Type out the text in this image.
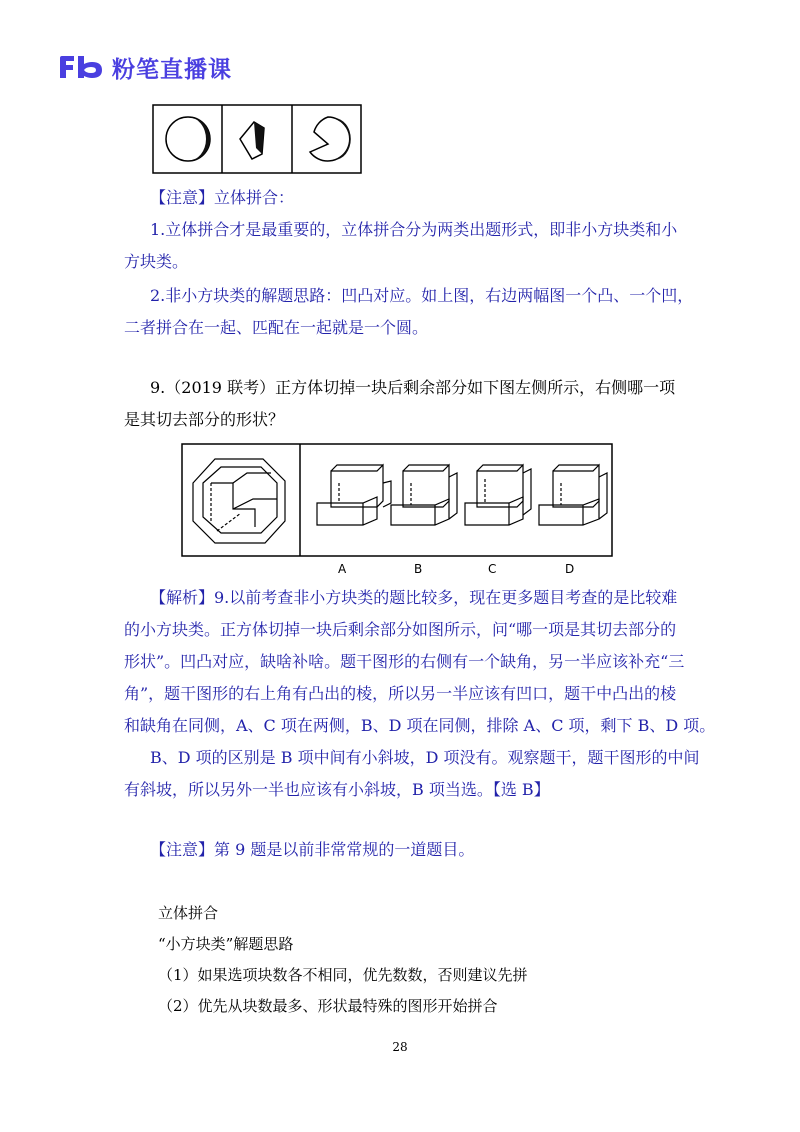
粉笔直播课
【注意】立体拼合：
1.立体拼合才是最重要的，立体拼合分为两类出题形式，即非小方块类和小
方块类。
2.非小方块类的解题思路：凹凸对应。如上图，右边两幅图一个凸、一个凹，
二者拼合在一起、匹配在一起就是一个圆。
9.（2019 联考）正方体切掉一块后剩余部分如下图左侧所示，右侧哪一项
是其切去部分的形状？
A	B	C	D
【解析】9.以前考查非小方块类的题比较多，现在更多题目考查的是比较难
的小方块类。正方体切掉一块后剩余部分如图所示，问“哪一项是其切去部分的
形状”。凹凸对应，缺啥补啥。题干图形的右侧有一个缺角，另一半应该补充“三
角”，题干图形的右上角有凸出的棱，所以另一半应该有凹口，题干中凸出的棱
和缺角在同侧，A、C 项在两侧，B、D 项在同侧，排除 A、C 项，剩下 B、D 项。
B、D 项的区别是 B 项中间有小斜坡，D 项没有。观察题干，题干图形的中间
有斜坡，所以另外一半也应该有小斜坡，B 项当选。【选 B】
【注意】第 9 题是以前非常常规的一道题目。
立体拼合
“小方块类”解题思路
（1）如果选项块数各不相同，优先数数，否则建议先拼
（2）优先从块数最多、形状最特殊的图形开始拼合
28
